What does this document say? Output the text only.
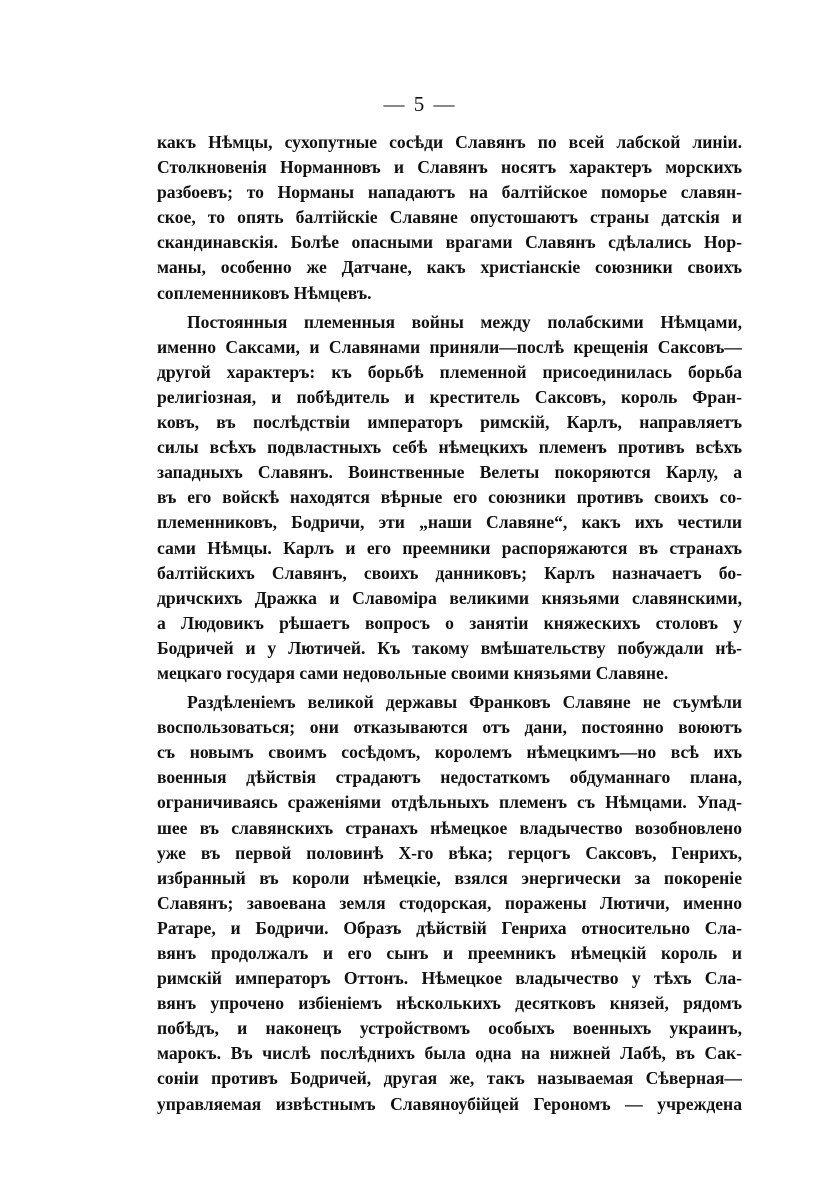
— 5 —
какъ Нѣмцы, сухопутные сосѣди Славянъ по всей лабской линіи.
Столкновенія Норманновъ и Славянъ носятъ характеръ морскихъ
разбоевъ; то Норманы нападаютъ на балтійское поморье славян-
ское, то опять балтійскіе Славяне опустошаютъ страны датскія и
скандинавскія. Болѣе опасными врагами Славянъ сдѣлались Нор-
маны, особенно же Датчане, какъ христіанскіе союзники своихъ
соплеменниковъ Нѣмцевъ.
Постоянныя племенныя войны между полабскими Нѣмцами,
именно Саксами, и Славянами приняли—послѣ крещенія Саксовъ—
другой характеръ: къ борьбѣ племенной присоединилась борьба
религіозная, и побѣдитель и креститель Саксовъ, король Фран-
ковъ, въ послѣдствіи императоръ римскій, Карлъ, направляетъ
силы всѣхъ подвластныхъ себѣ нѣмецкихъ племенъ противъ всѣхъ
западныхъ Славянъ. Воинственные Велеты покоряются Карлу, а
въ его войскѣ находятся вѣрные его союзники противъ своихъ со-
племенниковъ, Бодричи, эти „наши Славяне“, какъ ихъ честили
сами Нѣмцы. Карлъ и его преемники распоряжаются въ странахъ
балтійскихъ Славянъ, своихъ данниковъ; Карлъ назначаетъ бо-
дричскихъ Дражка и Славоміра великими князьями славянскими,
а Людовикъ рѣшаетъ вопросъ о занятіи княжескихъ столовъ у
Бодричей и у Лютичей. Къ такому вмѣшательству побуждали нѣ-
мецкаго государя сами недовольные своими князьями Славяне.
Раздѣленіемъ великой державы Франковъ Славяне не съумѣли
воспользоваться; они отказываются отъ дани, постоянно воюютъ
съ новымъ своимъ сосѣдомъ, королемъ нѣмецкимъ—но всѣ ихъ
военныя дѣйствія страдаютъ недостаткомъ обдуманнаго плана,
ограничиваясь сраженіями отдѣльныхъ племенъ съ Нѣмцами. Упад-
шее въ славянскихъ странахъ нѣмецкое владычество возобновлено
уже въ первой половинѣ X-го вѣка; герцогъ Саксовъ, Генрихъ,
избранный въ короли нѣмецкіе, взялся энергически за покореніе
Славянъ; завоевана земля стодорская, поражены Лютичи, именно
Ратаре, и Бодричи. Образъ дѣйствій Генриха относительно Сла-
вянъ продолжалъ и его сынъ и преемникъ нѣмецкій король и
римскій императоръ Оттонъ. Нѣмецкое владычество у тѣхъ Сла-
вянъ упрочено избіеніемъ нѣсколькихъ десятковъ князей, рядомъ
побѣдъ, и наконецъ устройствомъ особыхъ военныхъ украинъ,
марокъ. Въ числѣ послѣднихъ была одна на нижней Лабѣ, въ Сак-
соніи противъ Бодричей, другая же, такъ называемая Сѣверная—
управляемая извѣстнымъ Славяноубійцей Герономъ — учреждена
